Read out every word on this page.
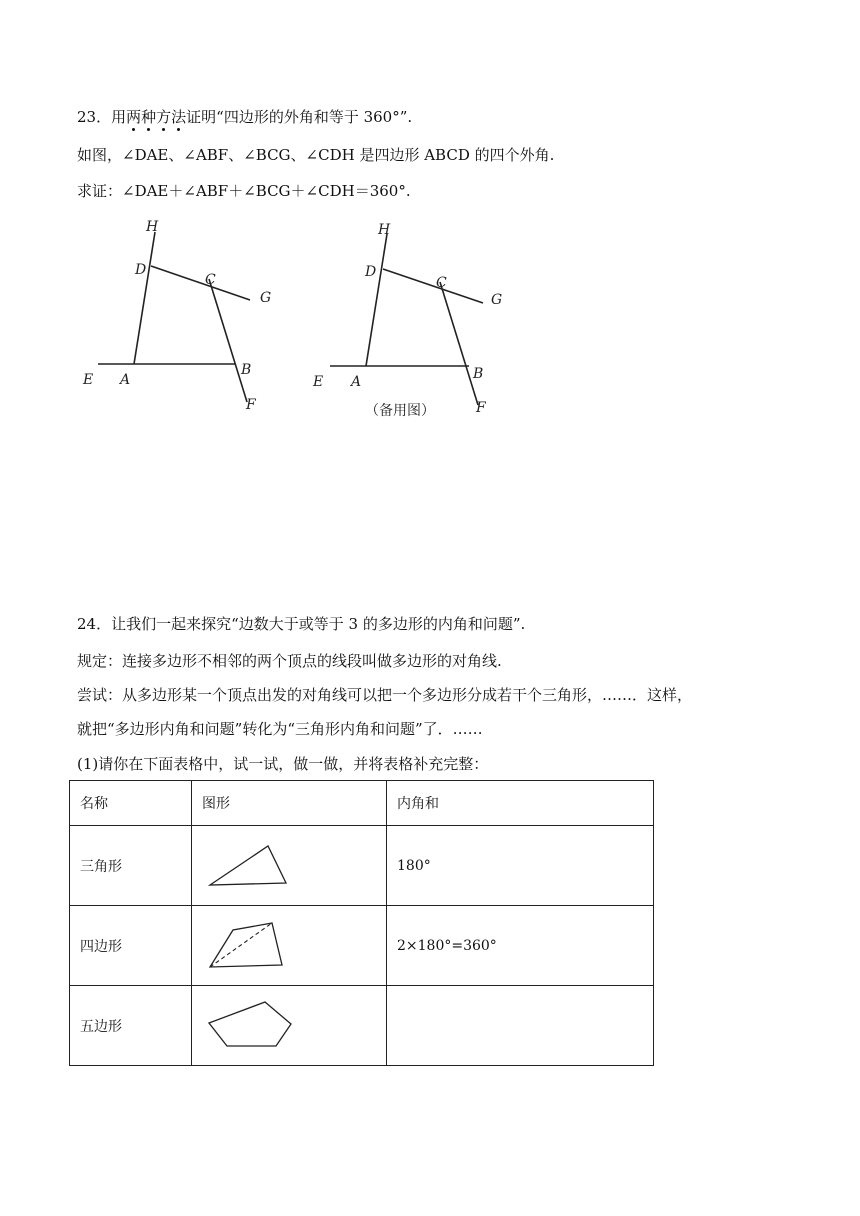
23．用两种方法证明“四边形的外角和等于 360°”.
如图，∠DAE、∠ABF、∠BCG、∠CDH 是四边形 ABCD 的四个外角.
求证：∠DAE＋∠ABF＋∠BCG＋∠CDH＝360°.
H
D
C
G
E A
B
F
H
D
C
G
E A	B
F
（备用图）
24．让我们一起来探究“边数大于或等于 3 的多边形的内角和问题”.
规定：连接多边形不相邻的两个顶点的线段叫做多边形的对角线.
尝试：从多边形某一个顶点出发的对角线可以把一个多边形分成若干个三角形，……．这样，
就把“多边形内角和问题”转化为“三角形内角和问题”了．……
(1)请你在下面表格中，试一试，做一做，并将表格补充完整：
名称	图形	内角和
三角形		180°
四边形		2×180°=360°
五边形		
